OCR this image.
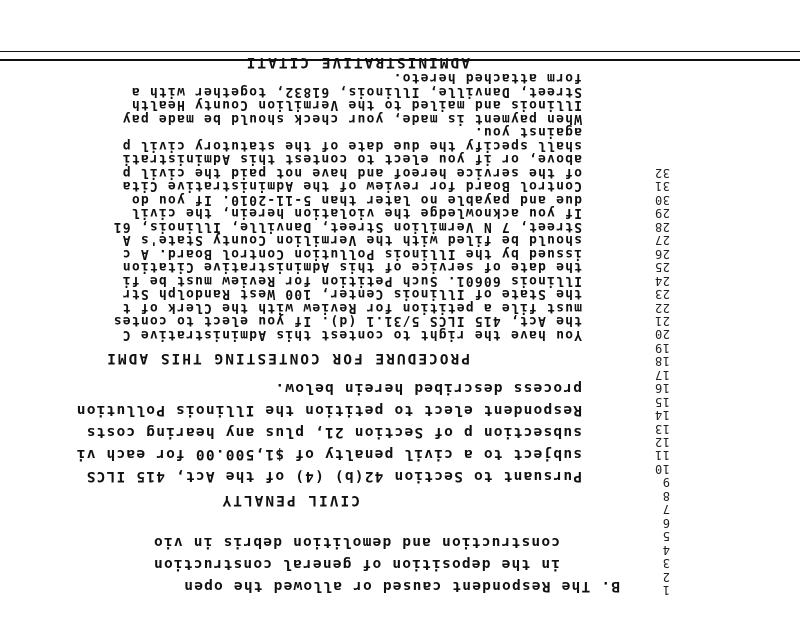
1
2
3
4
5
6
7
8
9
10
11
12
13
14
15
16
17
18
19
20
21
22
23
24
25
26
27
28
29
30
31
32
B. The Respondent caused or allowed the open
in the deposition of general construction
construction and demolition debris in vio
CIVIL PENALTY
Pursuant to Section 42(b) (4) of the Act, 415 ILCS
subject to a civil penalty of $1,500.00 for each vi
subsection p of Section 21, plus any hearing costs
Respondent elect to petition the Illinois Pollution
process described herein below.
PROCEDURE FOR CONTESTING THIS ADMI
You have the right to contest this Administrative C
the Act, 415 ILCS 5/31.1 (d). If you elect to contes
must file a petition for Review with the Clerk of t
the State of Illinois Center, 100 West Randolph Str
Illinois 60601. Such Petition for Review must be fi
the date of service of this Administrative Citation
issued by the Illinois Pollution Control Board. A c
should be filed with the Vermilion County State's A
Street, 7 N Vermilion Street, Danville, Illinois, 61
If you acknowledge the violation herein, the civil
due and payable no later than 5-11-2010. If you do
Control Board for review of the Administrative Cita
of the service hereof and have not paid the civil p
above, or if you elect to contest this Administrati
shall specify the due date of the statutory civil p
against you.
When payment is made, your check should be made pay
Illinois and mailed to the Vermilion County Health
Street, Danville, Illinois, 61832, together with a
form attached hereto.
ADMINISTRATIVE CITATI
